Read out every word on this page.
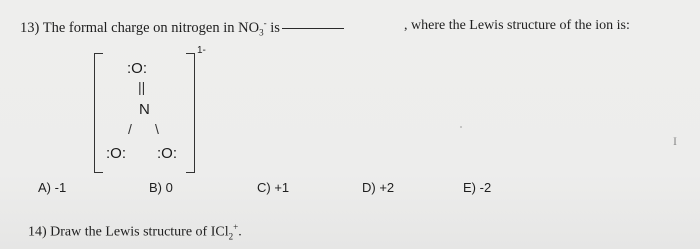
13) The formal charge on nitrogen in $NO_3^-$ is	, where the Lewis structure of the ion is:
1-
:O:
||
N
/ \
:O: :O:
A) -1	B) 0	C) +1	D) +2	E) -2
14) Draw the Lewis structure of ICl$_2$+.
I
